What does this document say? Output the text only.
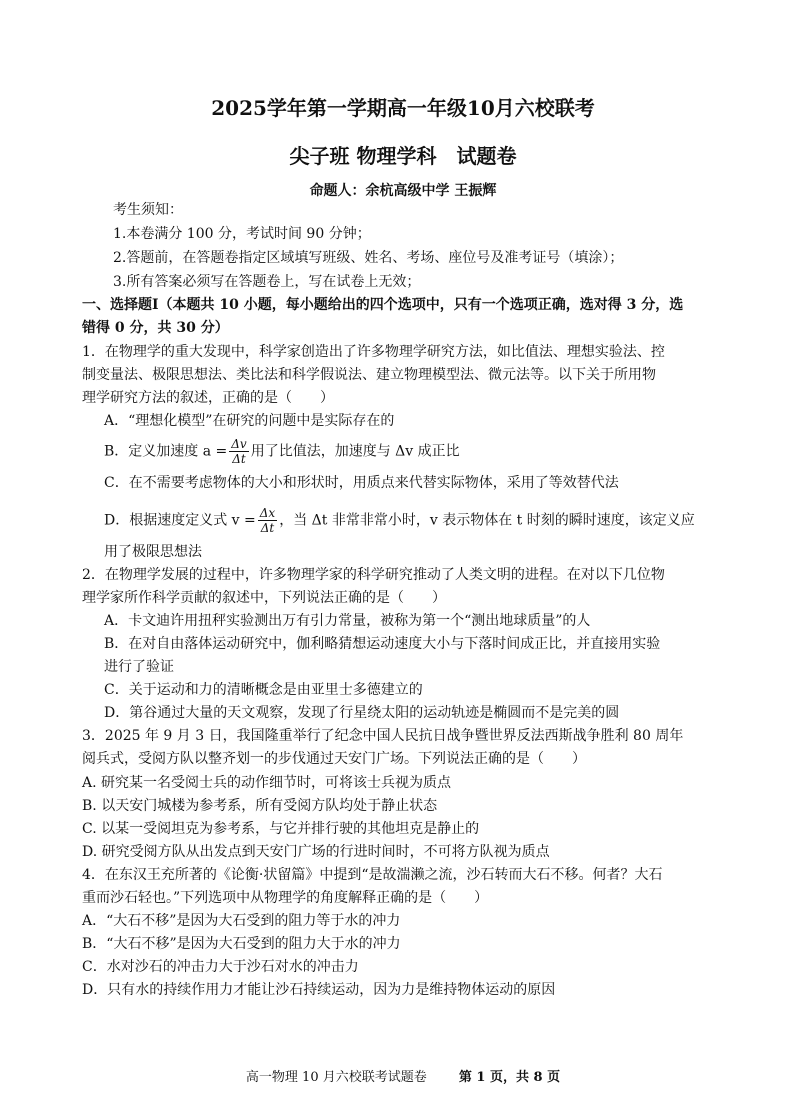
2025学年第一学期高一年级10月六校联考
尖子班 物理学科　试题卷
命题人：余杭高级中学 王振辉
考生须知：
1.本卷满分 100 分，考试时间 90 分钟；
2.答题前，在答题卷指定区域填写班级、姓名、考场、座位号及准考证号（填涂）；
3.所有答案必须写在答题卷上，写在试卷上无效；
一、选择题Ⅰ（本题共 10 小题，每小题给出的四个选项中，只有一个选项正确，选对得 3 分，选
错得 0 分，共 30 分）
1．在物理学的重大发现中，科学家创造出了许多物理学研究方法，如比值法、理想实验法、控
制变量法、极限思想法、类比法和科学假说法、建立物理模型法、微元法等。以下关于所用物
理学研究方法的叙述，正确的是（　　）
A．“理想化模型”在研究的问题中是实际存在的
B．定义加速度 $a = \frac{\Delta v}{\Delta t}$ 用了比值法，加速度与 Δv 成正比
C．在不需要考虑物体的大小和形状时，用质点来代替实际物体，采用了等效替代法
D．根据速度定义式 $v = \frac{\Delta x}{\Delta t}$ ，当 Δt 非常非常小时，v 表示物体在 t 时刻的瞬时速度，该定义应
用了极限思想法
2．在物理学发展的过程中，许多物理学家的科学研究推动了人类文明的进程。在对以下几位物
理学家所作科学贡献的叙述中，下列说法正确的是（　　）
A．卡文迪许用扭秤实验测出万有引力常量，被称为第一个“测出地球质量”的人
B．在对自由落体运动研究中，伽利略猜想运动速度大小与下落时间成正比，并直接用实验
进行了验证
C．关于运动和力的清晰概念是由亚里士多德建立的
D．第谷通过大量的天文观察，发现了行星绕太阳的运动轨迹是椭圆而不是完美的圆
3．2025 年 9 月 3 日，我国隆重举行了纪念中国人民抗日战争暨世界反法西斯战争胜利 80 周年
阅兵式，受阅方队以整齐划一的步伐通过天安门广场。下列说法正确的是（　　）
A. 研究某一名受阅士兵的动作细节时，可将该士兵视为质点
B. 以天安门城楼为参考系，所有受阅方队均处于静止状态
C. 以某一受阅坦克为参考系，与它并排行驶的其他坦克是静止的
D. 研究受阅方队从出发点到天安门广场的行进时间时，不可将方队视为质点
4．在东汉王充所著的《论衡·状留篇》中提到“是故湍濑之流，沙石转而大石不移。何者？大石
重而沙石轻也。”下列选项中从物理学的角度解释正确的是（　　）
A．“大石不移”是因为大石受到的阻力等于水的冲力
B．“大石不移”是因为大石受到的阻力大于水的冲力
C．水对沙石的冲击力大于沙石对水的冲击力
D．只有水的持续作用力才能让沙石持续运动，因为力是维持物体运动的原因
高一物理 10 月六校联考试题卷 第 1 页，共 8 页
